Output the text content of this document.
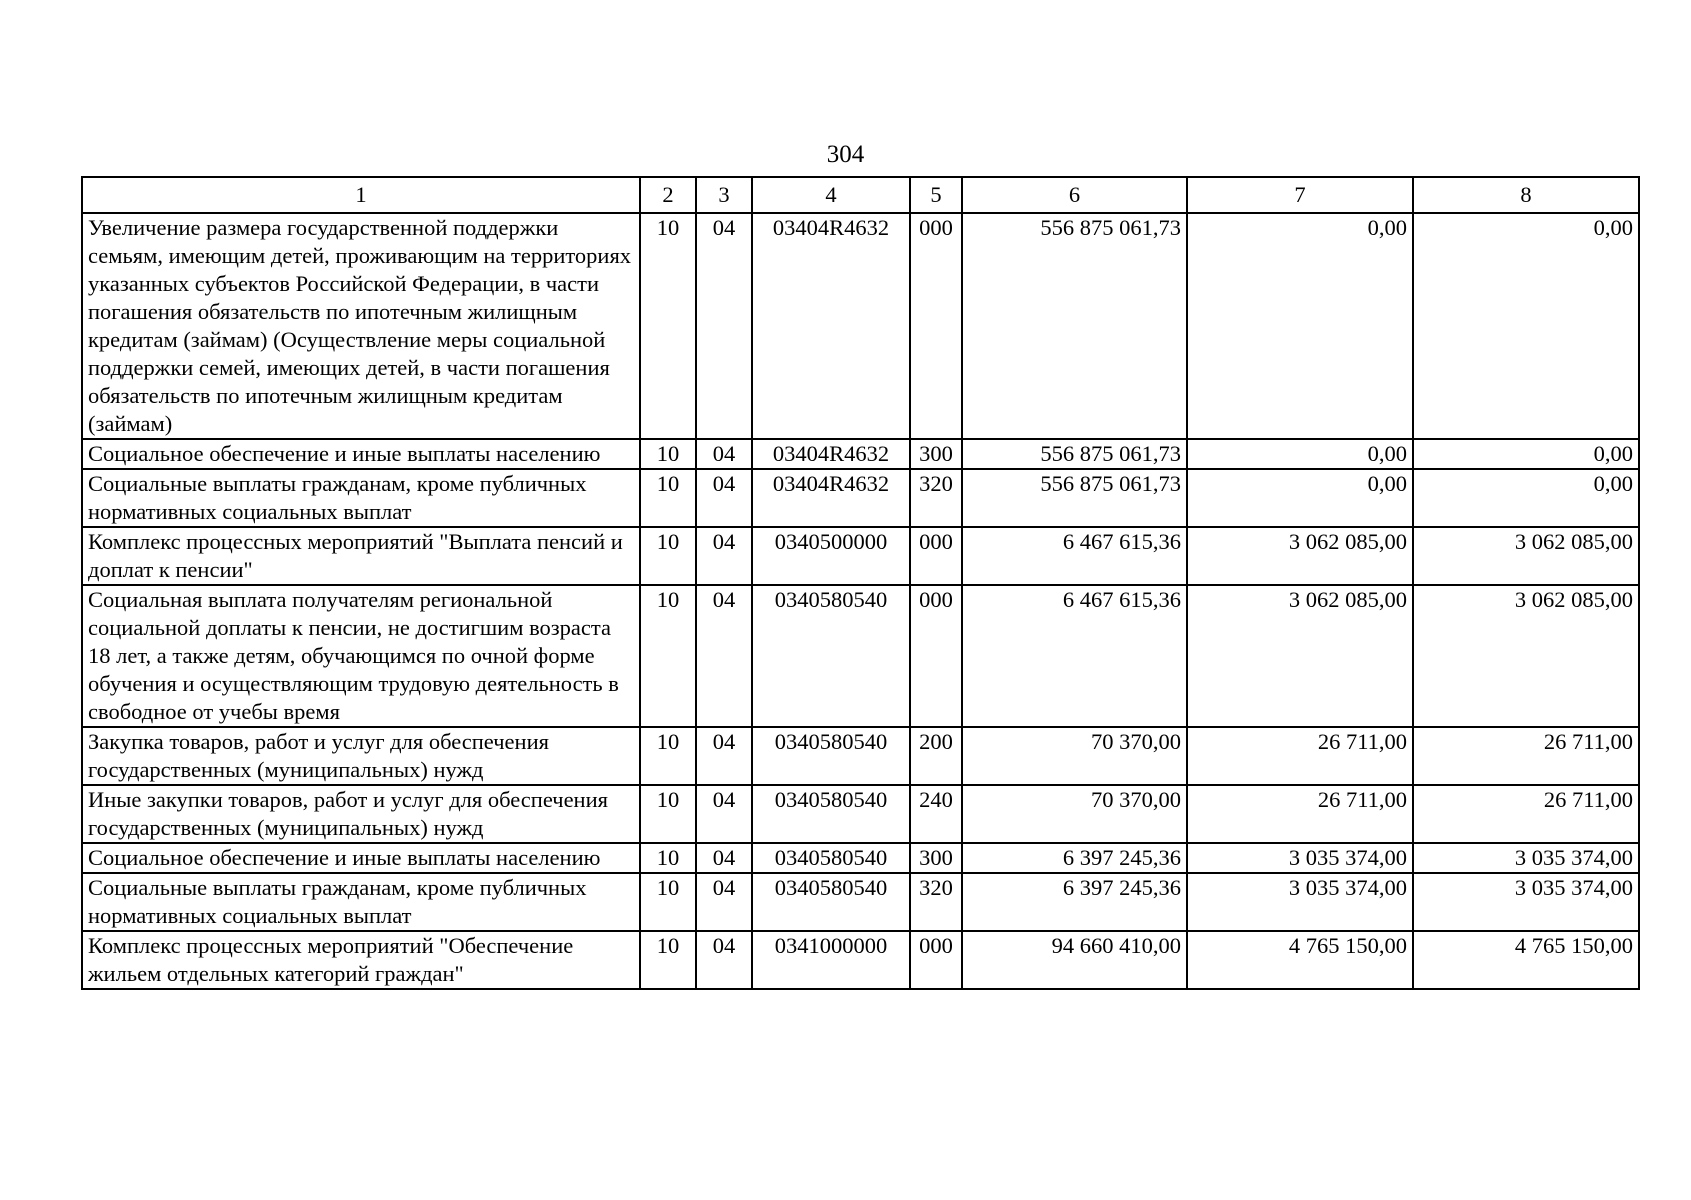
304
1	2	3	4	5	6	7	8
Увеличение размера государственной поддержки семьям, имеющим детей, проживающим на территориях указанных субъектов Российской Федерации, в части погашения обязательств по ипотечным жилищным кредитам (займам) (Осуществление меры социальной поддержки семей, имеющих детей, в части погашения обязательств по ипотечным жилищным кредитам (займам)	10	04	03404R4632	000	556 875 061,73	0,00	0,00
Социальное обеспечение и иные выплаты населению	10	04	03404R4632	300	556 875 061,73	0,00	0,00
Социальные выплаты гражданам, кроме публичных нормативных социальных выплат	10	04	03404R4632	320	556 875 061,73	0,00	0,00
Комплекс процессных мероприятий "Выплата пенсий и доплат к пенсии"	10	04	0340500000	000	6 467 615,36	3 062 085,00	3 062 085,00
Социальная выплата получателям региональной социальной доплаты к пенсии, не достигшим возраста 18 лет, а также детям, обучающимся по очной форме обучения и осуществляющим трудовую деятельность в свободное от учебы время	10	04	0340580540	000	6 467 615,36	3 062 085,00	3 062 085,00
Закупка товаров, работ и услуг для обеспечения государственных (муниципальных) нужд	10	04	0340580540	200	70 370,00	26 711,00	26 711,00
Иные закупки товаров, работ и услуг для обеспечения государственных (муниципальных) нужд	10	04	0340580540	240	70 370,00	26 711,00	26 711,00
Социальное обеспечение и иные выплаты населению	10	04	0340580540	300	6 397 245,36	3 035 374,00	3 035 374,00
Социальные выплаты гражданам, кроме публичных нормативных социальных выплат	10	04	0340580540	320	6 397 245,36	3 035 374,00	3 035 374,00
Комплекс процессных мероприятий "Обеспечение жильем отдельных категорий граждан"	10	04	0341000000	000	94 660 410,00	4 765 150,00	4 765 150,00
